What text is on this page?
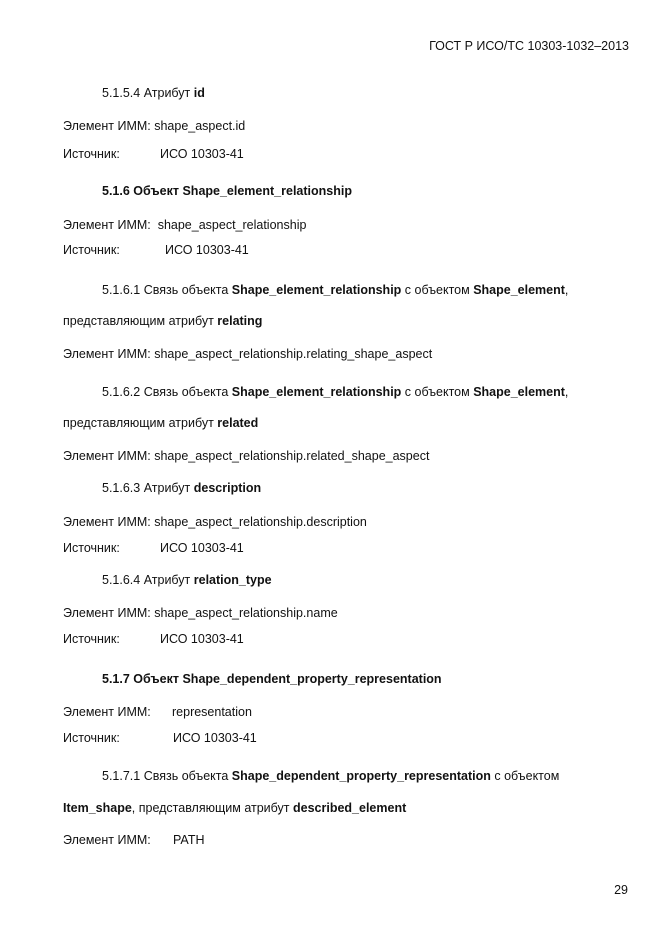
ГОСТ Р ИСО/ТС 10303-1032–2013
5.1.5.4 Атрибут id
Элемент ИММ: shape_aspect.id
Источник:	ИСО 10303-41
5.1.6 Объект Shape_element_relationship
Элемент ИММ:  shape_aspect_relationship
Источник:	ИСО 10303-41
5.1.6.1 Связь объекта Shape_element_relationship с объектом Shape_element,
представляющим атрибут relating
Элемент ИММ: shape_aspect_relationship.relating_shape_aspect
5.1.6.2 Связь объекта Shape_element_relationship с объектом Shape_element,
представляющим атрибут related
Элемент ИММ: shape_aspect_relationship.related_shape_aspect
5.1.6.3 Атрибут description
Элемент ИММ: shape_aspect_relationship.description
Источник:	ИСО 10303-41
5.1.6.4 Атрибут relation_type
Элемент ИММ: shape_aspect_relationship.name
Источник:	ИСО 10303-41
5.1.7 Объект Shape_dependent_property_representation
Элемент ИММ: representation
Источник:	ИСО 10303-41
5.1.7.1 Связь объекта Shape_dependent_property_representation с объектом
Item_shape, представляющим атрибут described_element
Элемент ИММ: PATH
29
